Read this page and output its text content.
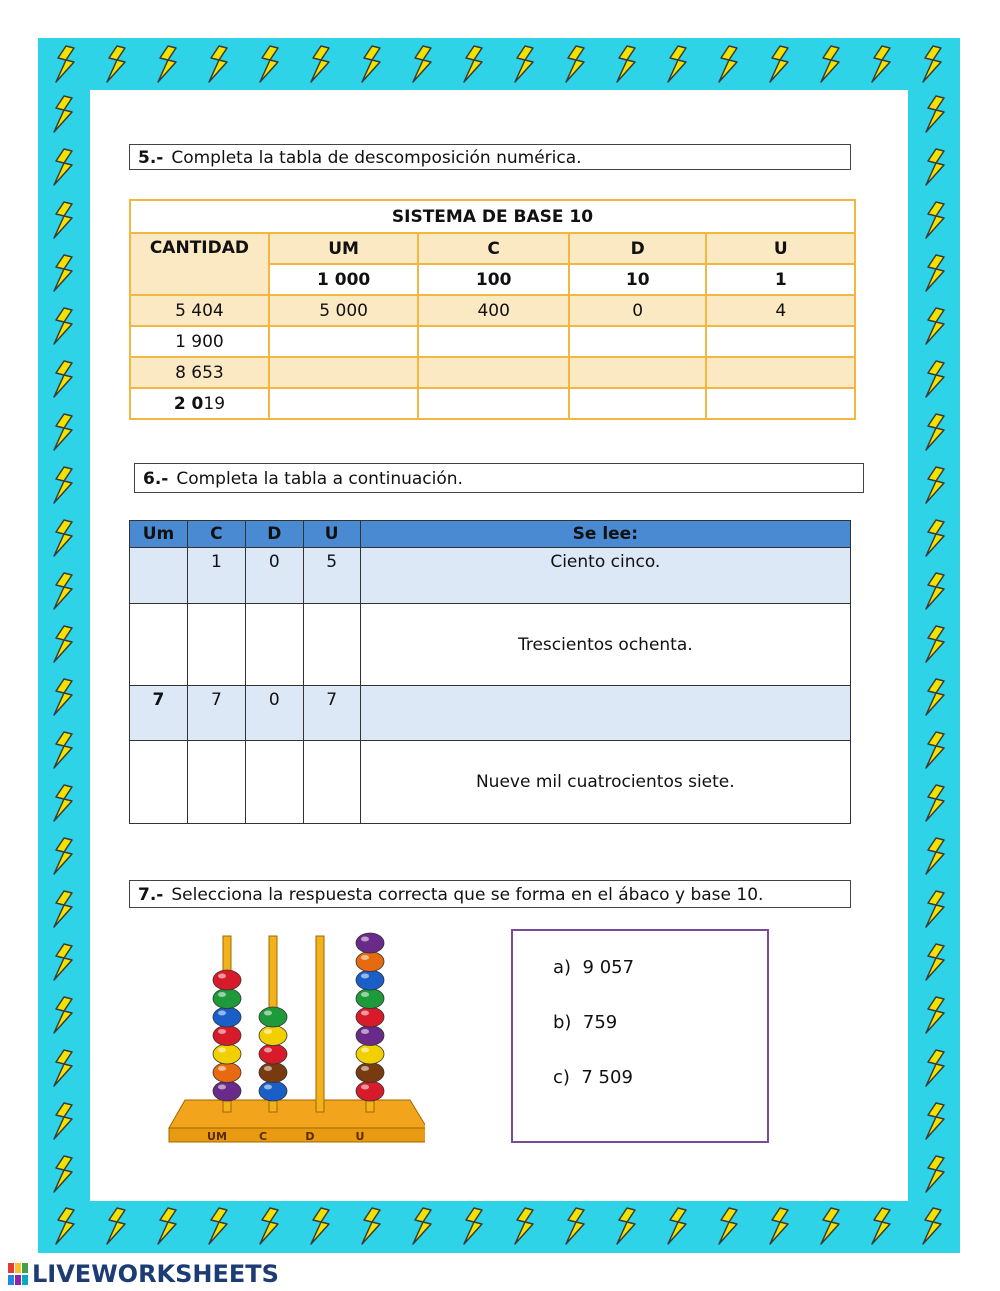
5.- Completa la tabla de descomposición numérica.
SISTEMA DE BASE 10				
CANTIDAD	UM	C	D	U
	1 000	100	10	1
5 404	5 000	400	0	4
1 900				
8 653				
2 019				
6.- Completa la tabla a continuación.
Um	C	D	U	Se lee:
	1	0	5	Ciento cinco.
				Trescientos ochenta.
7	7	0	7	
				Nueve mil cuatrocientos siete.
7.- Selecciona la respuesta correcta que se forma en el ábaco y base 10.
UM	C	D	U
a) 9 057
b) 759
c) 7 509
LIVEWORKSHEETS
